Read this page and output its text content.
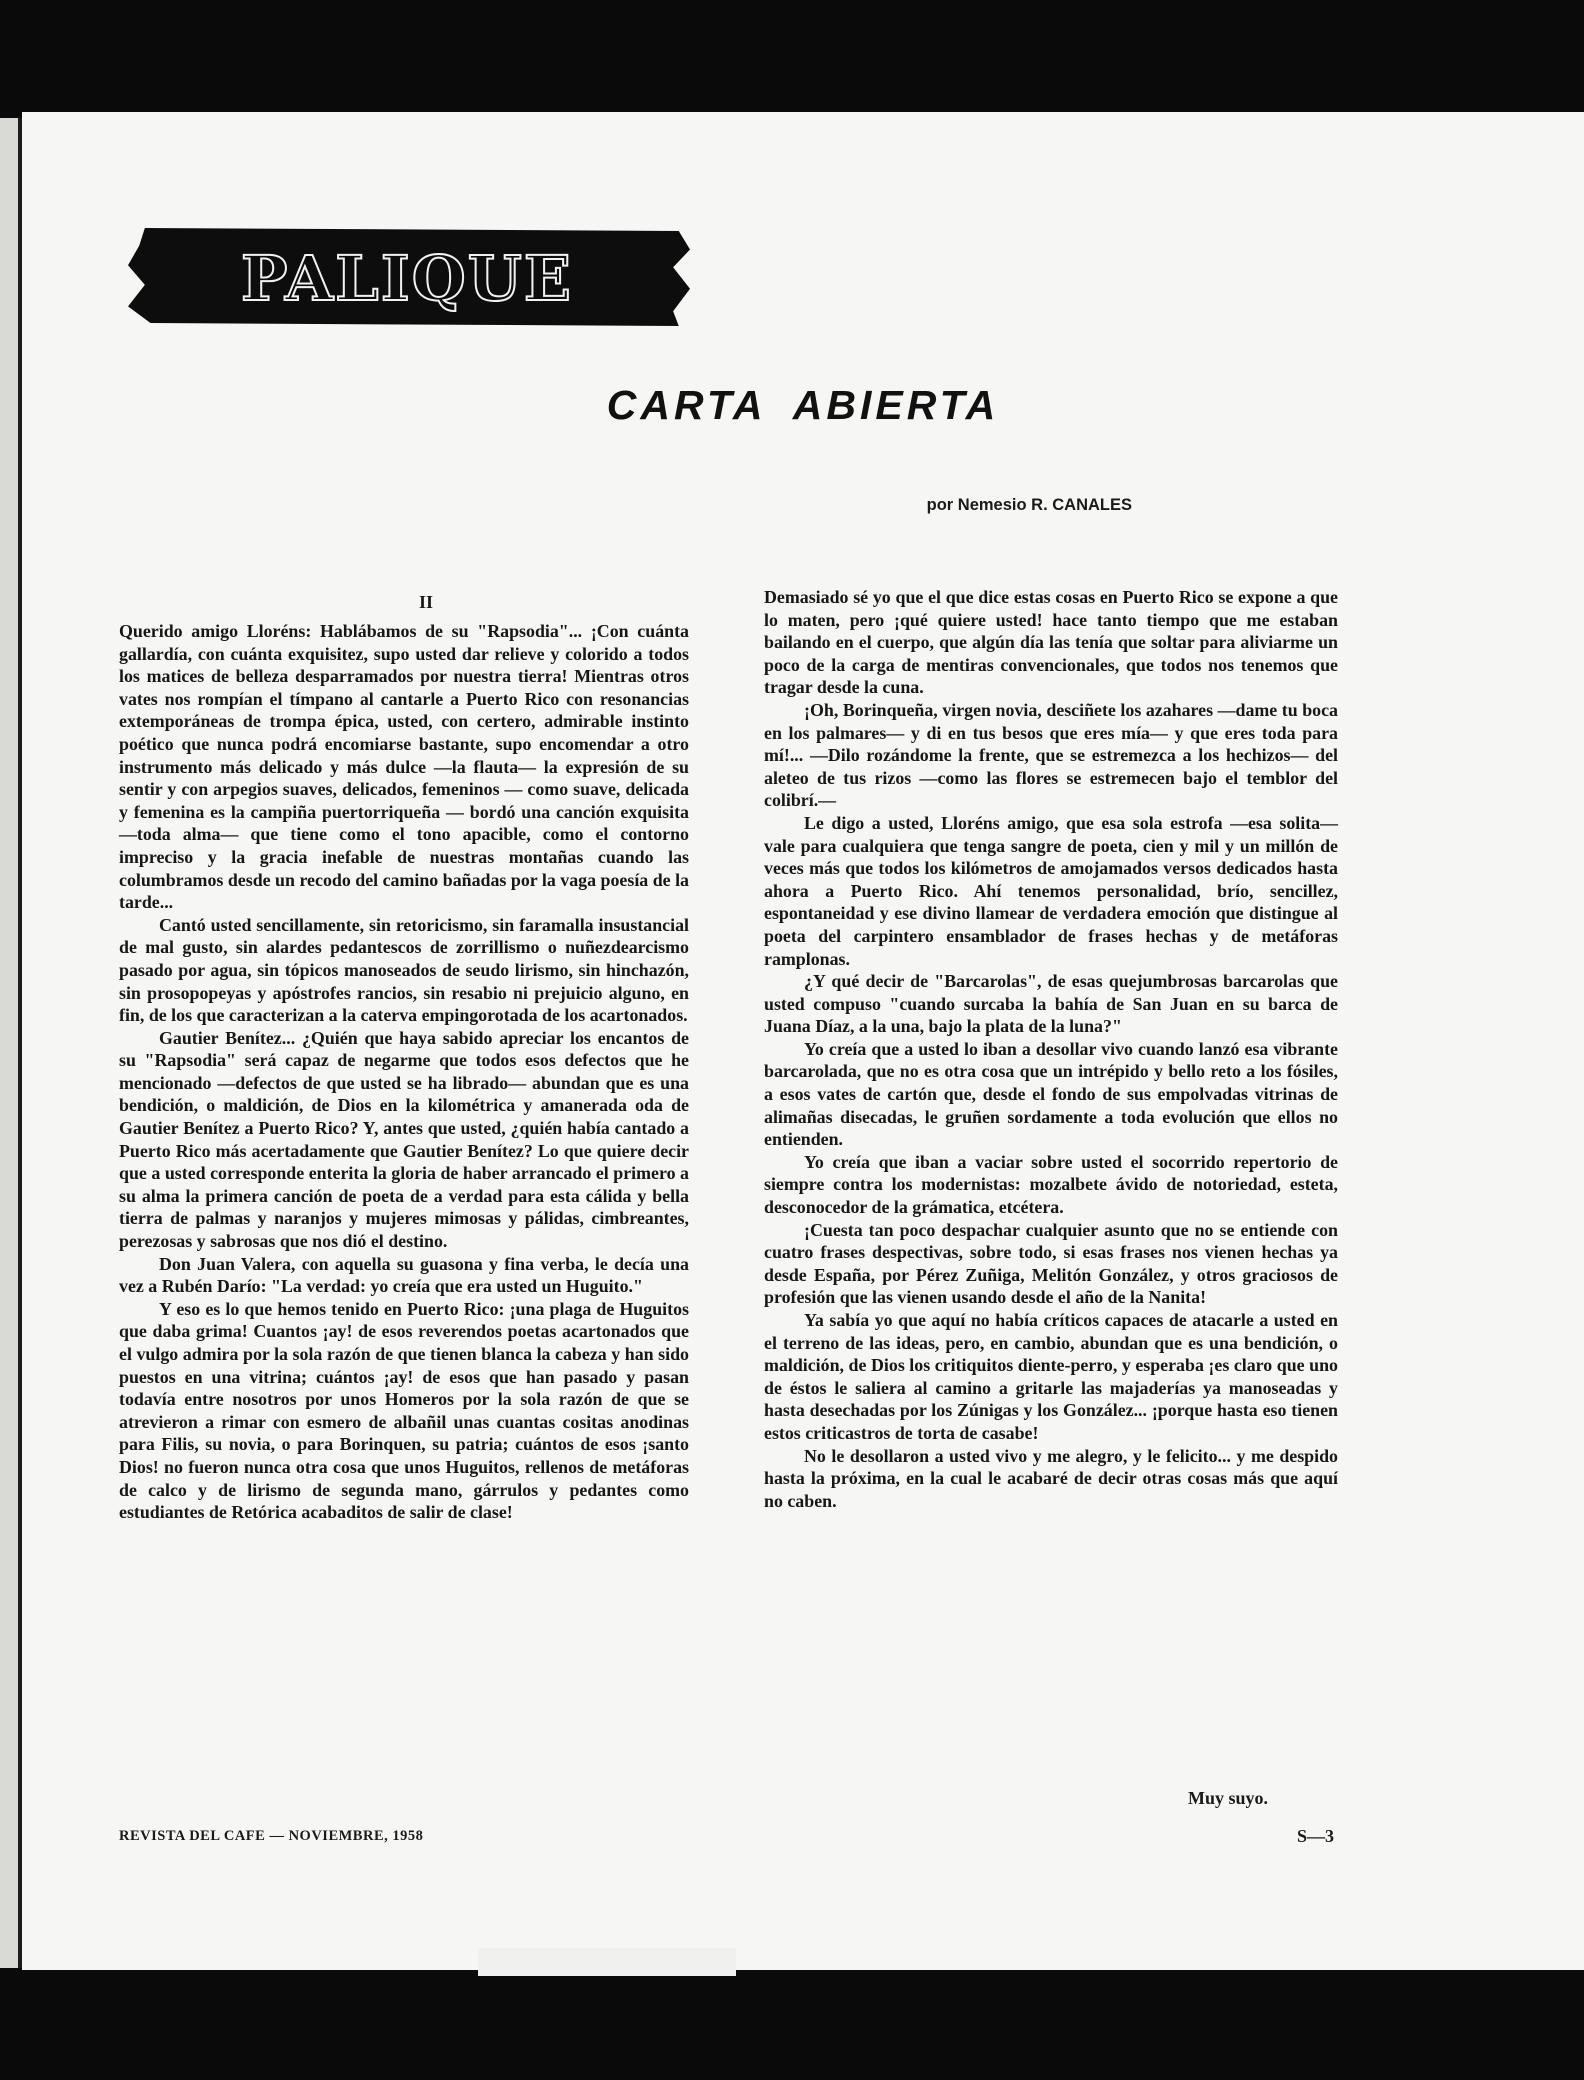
PALIQUE
CARTA ABIERTA
por Nemesio R. CANALES
II

Querido amigo Lloréns: Hablábamos de su "Rapsodia"... ¡Con cuánta gallardía, con cuánta exquisitez, supo usted dar relieve y colorido a todos los matices de belleza desparramados por nuestra tierra! Mientras otros vates nos rompían el tímpano al cantarle a Puerto Rico con resonancias extemporáneas de trompa épica, usted, con certero, admirable instinto poético que nunca podrá encomiarse bastante, supo encomendar a otro instrumento más delicado y más dulce —la flauta— la expresión de su sentir y con arpegios suaves, delicados, femeninos — como suave, delicada y femenina es la campiña puertorriqueña — bordó una canción exquisita —toda alma— que tiene como el tono apacible, como el contorno impreciso y la gracia inefable de nuestras montañas cuando las columbramos desde un recodo del camino bañadas por la vaga poesía de la tarde...

Cantó usted sencillamente, sin retoricismo, sin faramalla insustancial de mal gusto, sin alardes pedantescos de zorrillismo o nuñezdearcismo pasado por agua, sin tópicos manoseados de seudo lirismo, sin hinchazón, sin prosopopeyas y apóstrofes rancios, sin resabio ni prejuicio alguno, en fin, de los que caracterizan a la caterva empingorotada de los acartonados.

Gautier Benítez... ¿Quién que haya sabido apreciar los encantos de su "Rapsodia" será capaz de negarme que todos esos defectos que he mencionado —defectos de que usted se ha librado— abundan que es una bendición, o maldición, de Dios en la kilométrica y amanerada oda de Gautier Benítez a Puerto Rico? Y, antes que usted, ¿quién había cantado a Puerto Rico más acertadamente que Gautier Benítez? Lo que quiere decir que a usted corresponde enterita la gloria de haber arrancado el primero a su alma la primera canción de poeta de a verdad para esta cálida y bella tierra de palmas y naranjos y mujeres mimosas y pálidas, cimbreantes, perezosas y sabrosas que nos dió el destino.

Don Juan Valera, con aquella su guasona y fina verba, le decía una vez a Rubén Darío: "La verdad: yo creía que era usted un Huguito."

Y eso es lo que hemos tenido en Puerto Rico: ¡una plaga de Huguitos que daba grima! Cuantos ¡ay! de esos reverendos poetas acartonados que el vulgo admira por la sola razón de que tienen blanca la cabeza y han sido puestos en una vitrina; cuántos ¡ay! de esos que han pasado y pasan todavía entre nosotros por unos Homeros por la sola razón de que se atrevieron a rimar con esmero de albañil unas cuantas cositas anodinas para Filis, su novia, o para Borinquen, su patria; cuántos de esos ¡santo Dios! no fueron nunca otra cosa que unos Huguitos, rellenos de metáforas de calco y de lirismo de segunda mano, gárrulos y pedantes como estudiantes de Retórica acabaditos de salir de clase!

Demasiado sé yo que el que dice estas cosas en Puerto Rico se expone a que lo maten, pero ¡qué quiere usted! hace tanto tiempo que me estaban bailando en el cuerpo, que algún día las tenía que soltar para aliviarme un poco de la carga de mentiras convencionales, que todos nos tenemos que tragar desde la cuna.

¡Oh, Borinqueña, virgen novia, desciñete los azahares —dame tu boca en los palmares— y di en tus besos que eres mía— y que eres toda para mí!... —Dilo rozándome la frente, que se estremezca a los hechizos— del aleteo de tus rizos —como las flores se estremecen bajo el temblor del colibrí.—

Le digo a usted, Lloréns amigo, que esa sola estrofa —esa solita— vale para cualquiera que tenga sangre de poeta, cien y mil y un millón de veces más que todos los kilómetros de amojamados versos dedicados hasta ahora a Puerto Rico. Ahí tenemos personalidad, brío, sencillez, espontaneidad y ese divino llamear de verdadera emoción que distingue al poeta del carpintero ensamblador de frases hechas y de metáforas ramplonas.

¿Y qué decir de "Barcarolas", de esas quejumbrosas barcarolas que usted compuso "cuando surcaba la bahía de San Juan en su barca de Juana Díaz, a la una, bajo la plata de la luna?"

Yo creía que a usted lo iban a desollar vivo cuando lanzó esa vibrante barcarolada, que no es otra cosa que un intrépido y bello reto a los fósiles, a esos vates de cartón que, desde el fondo de sus empolvadas vitrinas de alimañas disecadas, le gruñen sordamente a toda evolución que ellos no entienden.

Yo creía que iban a vaciar sobre usted el socorrido repertorio de siempre contra los modernistas: mozalbete ávido de notoriedad, esteta, desconocedor de la grámatica, etcétera.

¡Cuesta tan poco despachar cualquier asunto que no se entiende con cuatro frases despectivas, sobre todo, si esas frases nos vienen hechas ya desde España, por Pérez Zuñiga, Melitón González, y otros graciosos de profesión que las vienen usando desde el año de la Nanita!

Ya sabía yo que aquí no había críticos capaces de atacarle a usted en el terreno de las ideas, pero, en cambio, abundan que es una bendición, o maldición, de Dios los critiquitos diente-perro, y esperaba ¡es claro que uno de éstos le saliera al camino a gritarle las majaderías ya manoseadas y hasta desechadas por los Zúnigas y los González... ¡porque hasta eso tienen estos criticastros de torta de casabe!

No le desollaron a usted vivo y me alegro, y le felicito... y me despido hasta la próxima, en la cual le acabaré de decir otras cosas más que aquí no caben.

Muy suyo.
REVISTA DEL CAFE — NOVIEMBRE, 1958	S—3
